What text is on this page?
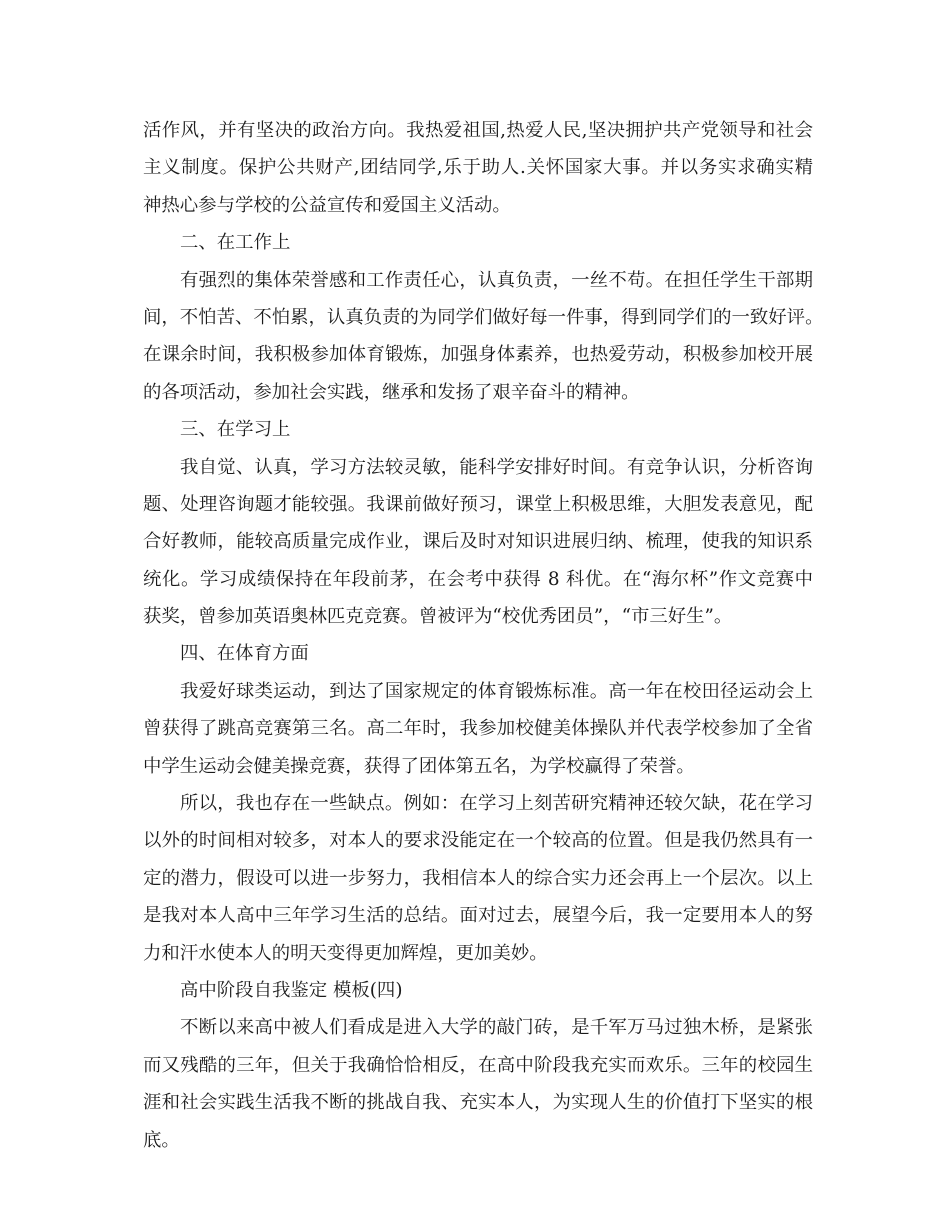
活作风，并有坚决的政治方向。我热爱祖国,热爱人民,坚决拥护共产党领导和社会
主义制度。保护公共财产,团结同学,乐于助人.关怀国家大事。并以务实求确实精
神热心参与学校的公益宣传和爱国主义活动。
二、在工作上
有强烈的集体荣誉感和工作责任心，认真负责，一丝不苟。在担任学生干部期
间，不怕苦、不怕累，认真负责的为同学们做好每一件事，得到同学们的一致好评。
在课余时间，我积极参加体育锻炼，加强身体素养，也热爱劳动，积极参加校开展
的各项活动，参加社会实践，继承和发扬了艰辛奋斗的精神。
三、在学习上
我自觉、认真，学习方法较灵敏，能科学安排好时间。有竞争认识，分析咨询
题、处理咨询题才能较强。我课前做好预习，课堂上积极思维，大胆发表意见，配
合好教师，能较高质量完成作业，课后及时对知识进展归纳、梳理，使我的知识系
统化。学习成绩保持在年段前茅，在会考中获得 8 科优。在“海尔杯”作文竞赛中
获奖，曾参加英语奥林匹克竞赛。曾被评为“校优秀团员”，“市三好生”。
四、在体育方面
我爱好球类运动，到达了国家规定的体育锻炼标准。高一年在校田径运动会上
曾获得了跳高竞赛第三名。高二年时，我参加校健美体操队并代表学校参加了全省
中学生运动会健美操竞赛，获得了团体第五名，为学校赢得了荣誉。
所以，我也存在一些缺点。例如：在学习上刻苦研究精神还较欠缺，花在学习
以外的时间相对较多，对本人的要求没能定在一个较高的位置。但是我仍然具有一
定的潜力，假设可以进一步努力，我相信本人的综合实力还会再上一个层次。以上
是我对本人高中三年学习生活的总结。面对过去，展望今后，我一定要用本人的努
力和汗水使本人的明天变得更加辉煌，更加美妙。
高中阶段自我鉴定 模板(四)
不断以来高中被人们看成是进入大学的敲门砖，是千军万马过独木桥，是紧张
而又残酷的三年，但关于我确恰恰相反，在高中阶段我充实而欢乐。三年的校园生
涯和社会实践生活我不断的挑战自我、充实本人，为实现人生的价值打下坚实的根
底。
